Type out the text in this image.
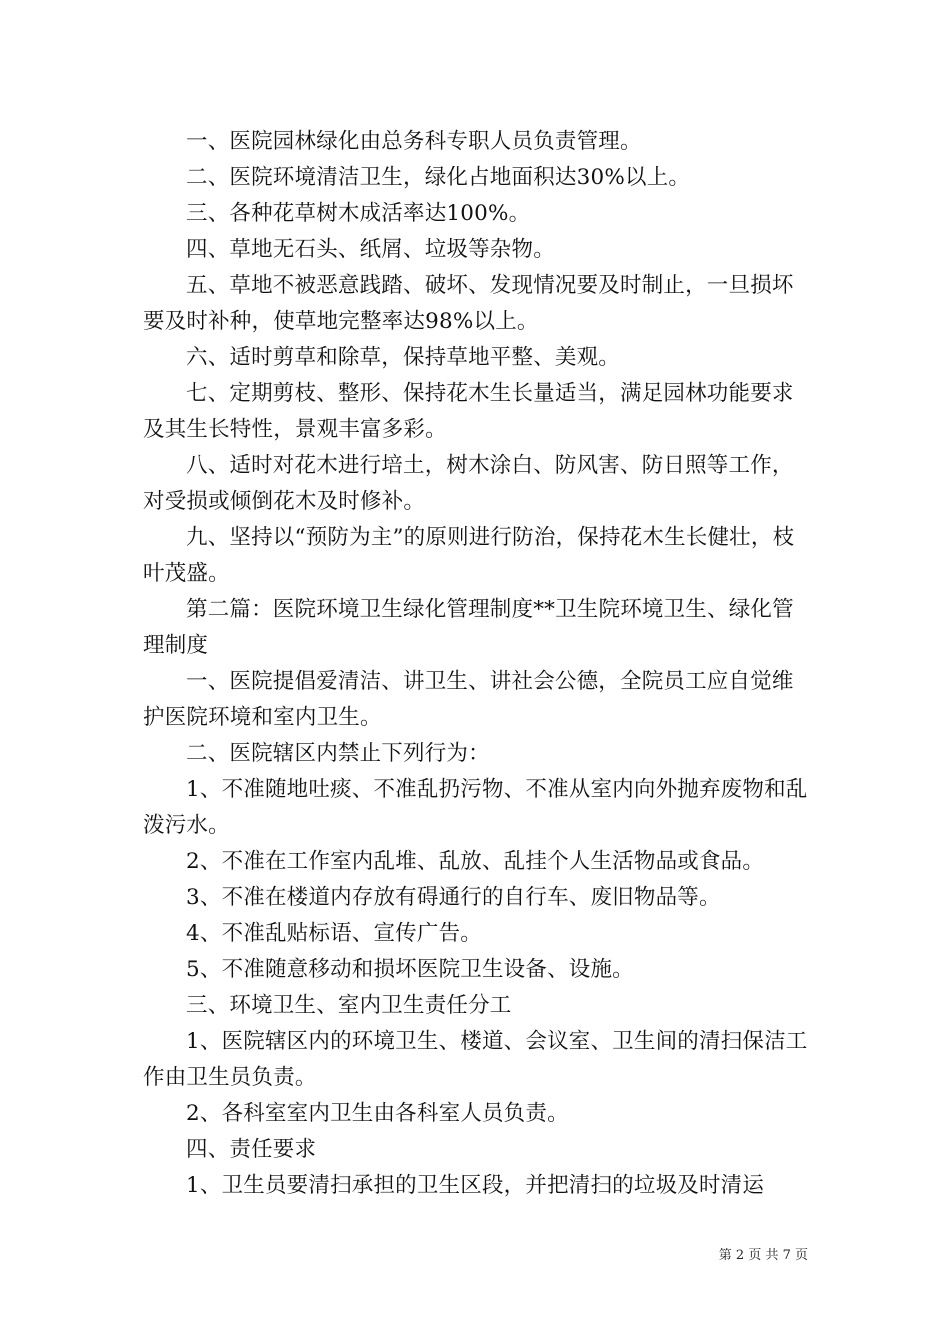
一、医院园林绿化由总务科专职人员负责管理。

二、医院环境清洁卫生，绿化占地面积达30%以上。

三、各种花草树木成活率达100%。

四、草地无石头、纸屑、垃圾等杂物。

五、草地不被恶意践踏、破坏、发现情况要及时制止，一旦损坏要及时补种，使草地完整率达98%以上。

六、适时剪草和除草，保持草地平整、美观。

七、定期剪枝、整形、保持花木生长量适当，满足园林功能要求及其生长特性，景观丰富多彩。

八、适时对花木进行培土，树木涂白、防风害、防日照等工作，对受损或倾倒花木及时修补。

九、坚持以“预防为主”的原则进行防治，保持花木生长健壮，枝叶茂盛。

第二篇：医院环境卫生绿化管理制度**卫生院环境卫生、绿化管理制度

一、医院提倡爱清洁、讲卫生、讲社会公德，全院员工应自觉维护医院环境和室内卫生。

二、医院辖区内禁止下列行为：

1、不准随地吐痰、不准乱扔污物、不准从室内向外抛弃废物和乱泼污水。

2、不准在工作室内乱堆、乱放、乱挂个人生活物品或食品。

3、不准在楼道内存放有碍通行的自行车、废旧物品等。

4、不准乱贴标语、宣传广告。

5、不准随意移动和损坏医院卫生设备、设施。

三、环境卫生、室内卫生责任分工

1、医院辖区内的环境卫生、楼道、会议室、卫生间的清扫保洁工作由卫生员负责。

2、各科室室内卫生由各科室人员负责。

四、责任要求

1、卫生员要清扫承担的卫生区段，并把清扫的垃圾及时清运

第 2 页 共 7 页
